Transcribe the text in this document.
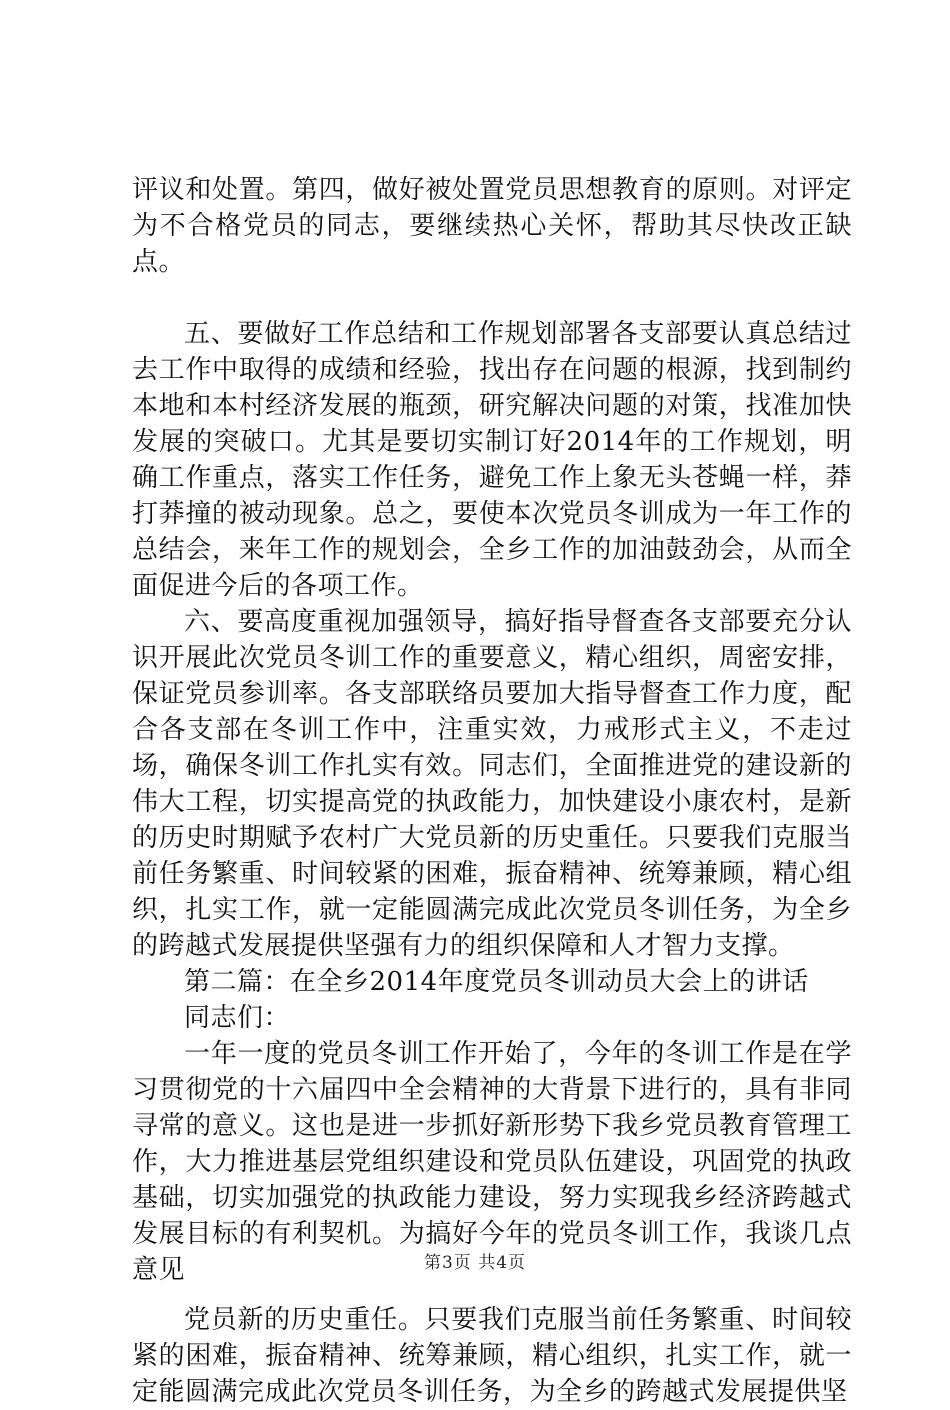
评议和处置。第四，做好被处置党员思想教育的原则。对评定为不合格党员的同志，要继续热心关怀，帮助其尽快改正缺点。

五、要做好工作总结和工作规划部署各支部要认真总结过去工作中取得的成绩和经验，找出存在问题的根源，找到制约本地和本村经济发展的瓶颈，研究解决问题的对策，找准加快发展的突破口。尤其是要切实制订好2014年的工作规划，明确工作重点，落实工作任务，避免工作上象无头苍蝇一样，莽打莽撞的被动现象。总之，要使本次党员冬训成为一年工作的总结会，来年工作的规划会，全乡工作的加油鼓劲会，从而全面促进今后的各项工作。

六、要高度重视加强领导，搞好指导督查各支部要充分认识开展此次党员冬训工作的重要意义，精心组织，周密安排，保证党员参训率。各支部联络员要加大指导督查工作力度，配合各支部在冬训工作中，注重实效，力戒形式主义，不走过场，确保冬训工作扎实有效。同志们，全面推进党的建设新的伟大工程，切实提高党的执政能力，加快建设小康农村，是新的历史时期赋予农村广大党员新的历史重任。只要我们克服当前任务繁重、时间较紧的困难，振奋精神、统筹兼顾，精心组织，扎实工作，就一定能圆满完成此次党员冬训任务，为全乡的跨越式发展提供坚强有力的组织保障和人才智力支撑。

第二篇：在全乡2014年度党员冬训动员大会上的讲话

同志们：

一年一度的党员冬训工作开始了，今年的冬训工作是在学习贯彻党的十六届四中全会精神的大背景下进行的，具有非同寻常的意义。这也是进一步抓好新形势下我乡党员教育管理工作，大力推进基层党组织建设和党员队伍建设，巩固党的执政基础，切实加强党的执政能力建设，努力实现我乡经济跨越式发展目标的有利契机。为搞好今年的党员冬训工作，我谈几点意见

党员新的历史重任。只要我们克服当前任务繁重、时间较紧的困难，振奋精神、统筹兼顾，精心组织，扎实工作，就一定能圆满完成此次党员冬训任务，为全乡的跨越式发展提供坚

第3页 共4页
